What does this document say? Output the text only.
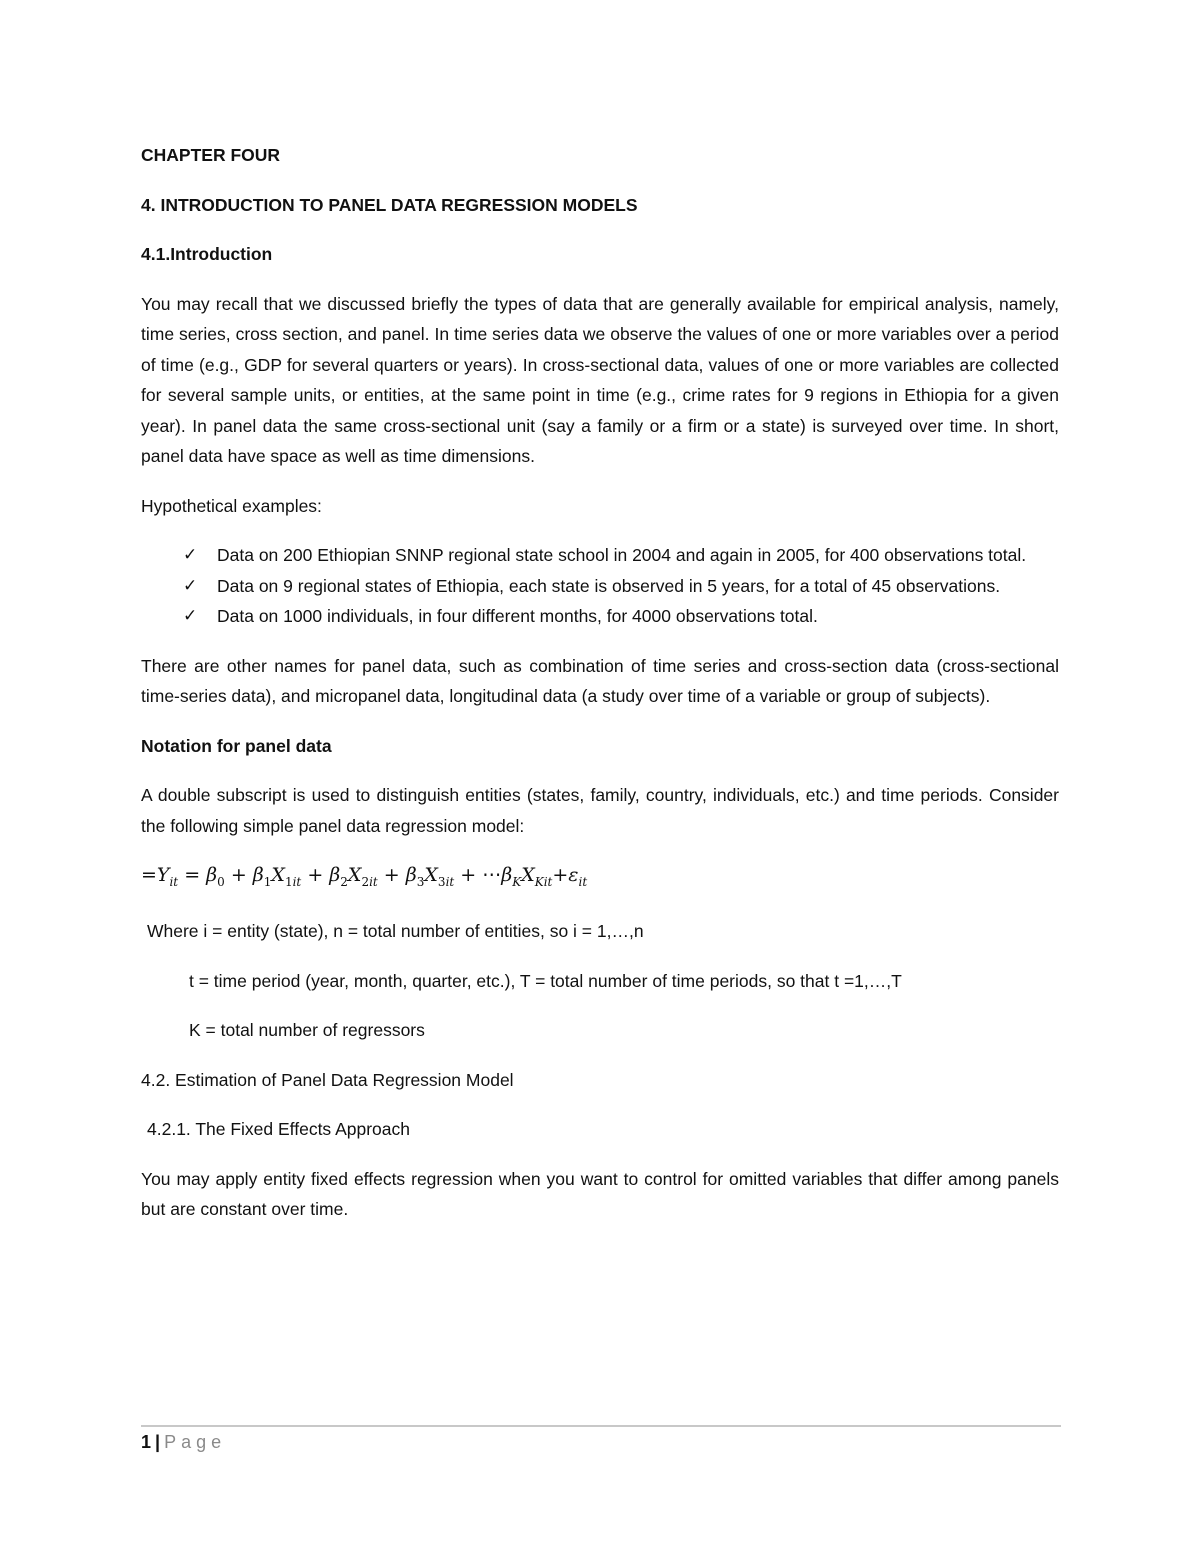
CHAPTER FOUR

4. INTRODUCTION TO PANEL DATA REGRESSION MODELS

4.1.Introduction

You may recall that we discussed briefly the types of data that are generally available for empirical analysis, namely, time series, cross section, and panel. In time series data we observe the values of one or more variables over a period of time (e.g., GDP for several quarters or years). In cross-sectional data, values of one or more variables are collected for several sample units, or entities, at the same point in time (e.g., crime rates for 9 regions in Ethiopia for a given year). In panel data the same cross-sectional unit (say a family or a firm or a state) is surveyed over time. In short, panel data have space as well as time dimensions.

Hypothetical examples:

✓ Data on 200 Ethiopian SNNP regional state school in 2004 and again in 2005, for 400 observations total.
✓ Data on 9 regional states of Ethiopia, each state is observed in 5 years, for a total of 45 observations.
✓ Data on 1000 individuals, in four different months, for 4000 observations total.

There are other names for panel data, such as combination of time series and cross-section data (cross-sectional time-series data), and micropanel data, longitudinal data (a study over time of a variable or group of subjects).

Notation for panel data

A double subscript is used to distinguish entities (states, family, country, individuals, etc.) and time periods. Consider the following simple panel data regression model:

$=Y_{it} = \beta_0 + \beta_1X_{1it} + \beta_2X_{2it} + \beta_3X_{3it}$ + $\cdots\beta_KX_{Kit}+\varepsilon_{it}$

Where i = entity (state), n = total number of entities, so i = 1,…,n

t = time period (year, month, quarter, etc.), T = total number of time periods, so that t =1,…,T

K = total number of regressors

4.2. Estimation of Panel Data Regression Model

4.2.1. The Fixed Effects Approach

You may apply entity fixed effects regression when you want to control for omitted variables that differ among panels but are constant over time.

1 | Page
